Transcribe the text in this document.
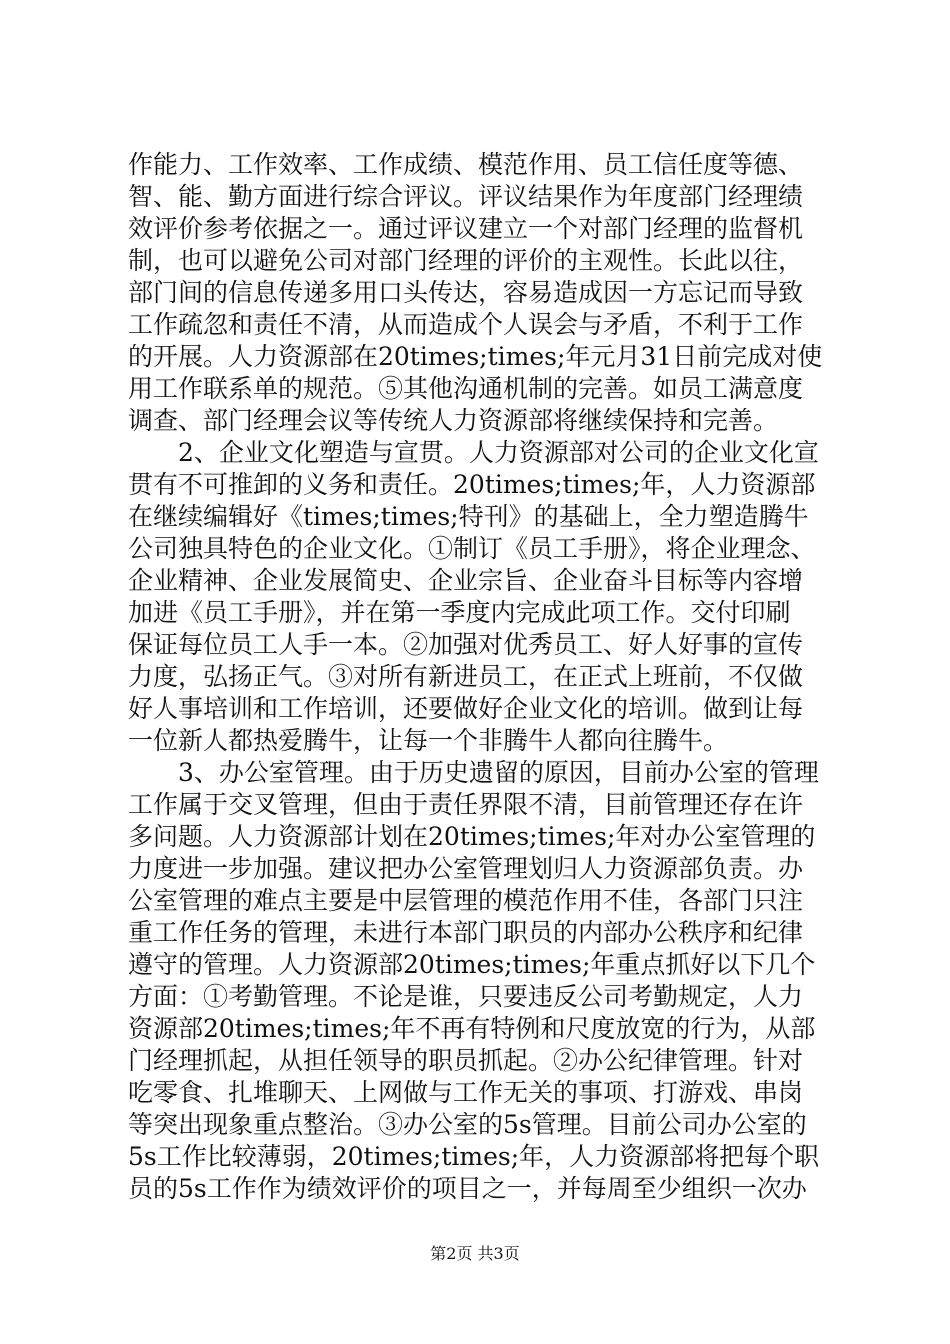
作能力、工作效率、工作成绩、模范作用、员工信任度等德、
智、能、勤方面进行综合评议。评议结果作为年度部门经理绩
效评价参考依据之一。通过评议建立一个对部门经理的监督机
制，也可以避免公司对部门经理的评价的主观性。长此以往，
部门间的信息传递多用口头传达，容易造成因一方忘记而导致
工作疏忽和责任不清，从而造成个人误会与矛盾，不利于工作
的开展。人力资源部在20times;times;年元月31日前完成对使
用工作联系单的规范。⑤其他沟通机制的完善。如员工满意度
调查、部门经理会议等传统人力资源部将继续保持和完善。
　　2、企业文化塑造与宣贯。人力资源部对公司的企业文化宣
贯有不可推卸的义务和责任。20times;times;年，人力资源部
在继续编辑好《times;times;特刊》的基础上，全力塑造腾牛
公司独具特色的企业文化。①制订《员工手册》，将企业理念、
企业精神、企业发展简史、企业宗旨、企业奋斗目标等内容增
加进《员工手册》，并在第一季度内完成此项工作。交付印刷
保证每位员工人手一本。②加强对优秀员工、好人好事的宣传
力度，弘扬正气。③对所有新进员工，在正式上班前，不仅做
好人事培训和工作培训，还要做好企业文化的培训。做到让每
一位新人都热爱腾牛，让每一个非腾牛人都向往腾牛。
　　3、办公室管理。由于历史遗留的原因，目前办公室的管理
工作属于交叉管理，但由于责任界限不清，目前管理还存在许
多问题。人力资源部计划在20times;times;年对办公室管理的
力度进一步加强。建议把办公室管理划归人力资源部负责。办
公室管理的难点主要是中层管理的模范作用不佳，各部门只注
重工作任务的管理，未进行本部门职员的内部办公秩序和纪律
遵守的管理。人力资源部20times;times;年重点抓好以下几个
方面：①考勤管理。不论是谁，只要违反公司考勤规定，人力
资源部20times;times;年不再有特例和尺度放宽的行为，从部
门经理抓起，从担任领导的职员抓起。②办公纪律管理。针对
吃零食、扎堆聊天、上网做与工作无关的事项、打游戏、串岗
等突出现象重点整治。③办公室的5s管理。目前公司办公室的
5s工作比较薄弱，20times;times;年，人力资源部将把每个职
员的5s工作作为绩效评价的项目之一，并每周至少组织一次办
第2页 共3页
